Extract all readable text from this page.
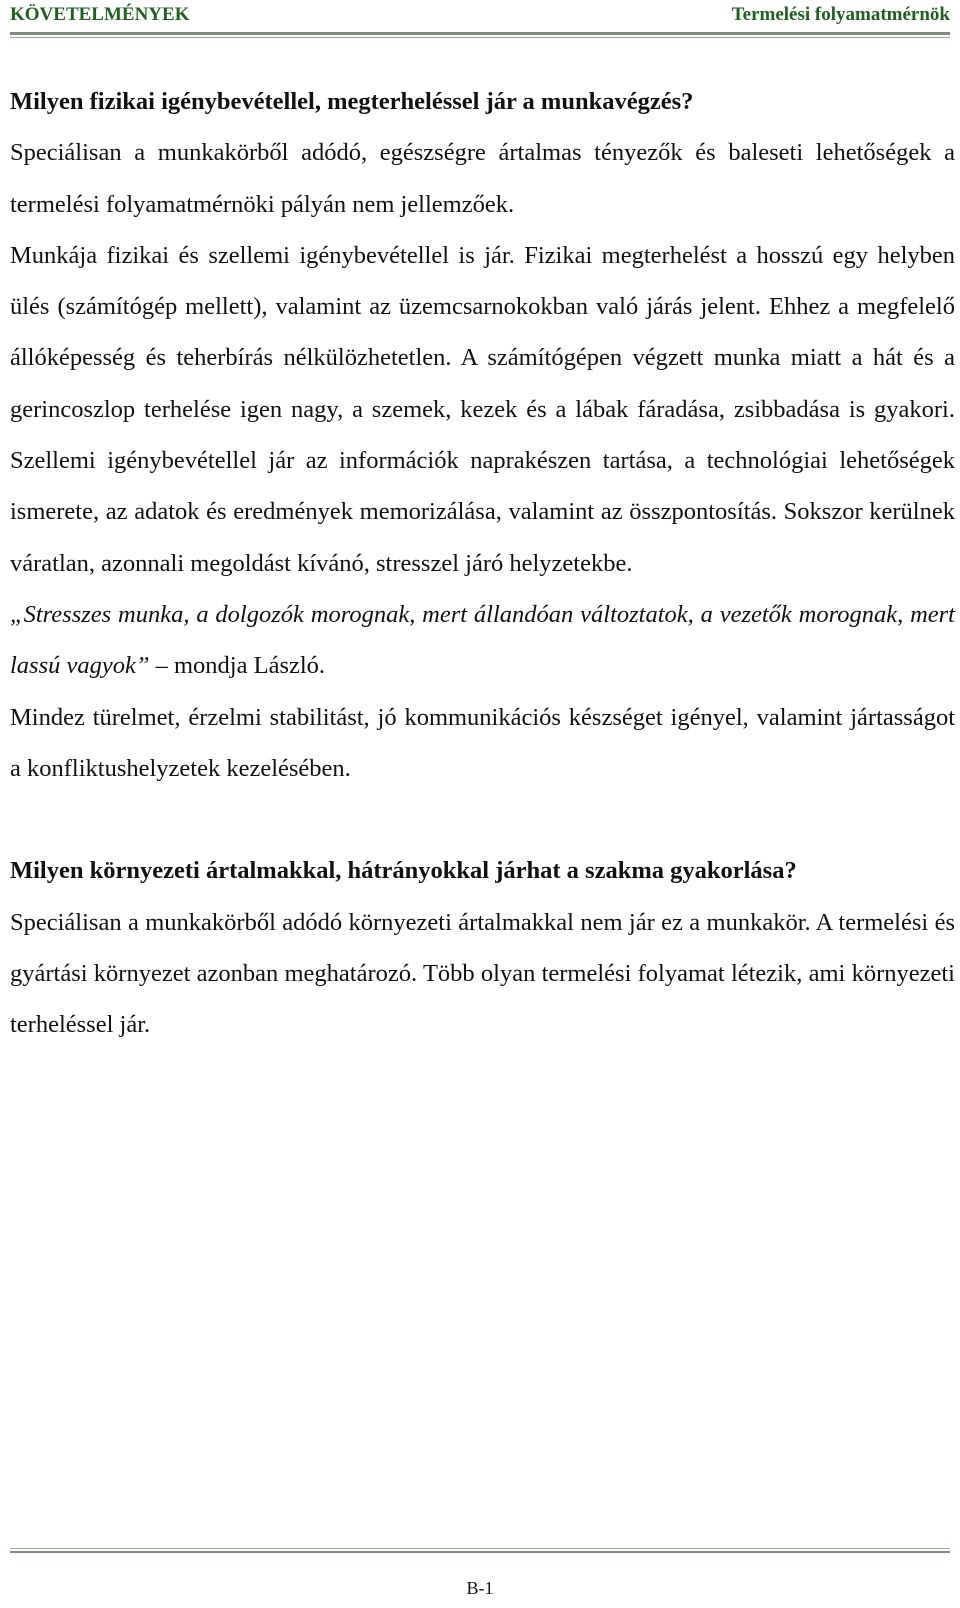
KÖVETELMÉNYEK	Termelési folyamatmérnök
Milyen fizikai igénybevétellel, megterheléssel jár a munkavégzés?

Speciálisan a munkakörből adódó, egészségre ártalmas tényezők és baleseti lehetőségek a termelési folyamatmérnöki pályán nem jellemzőek.

Munkája fizikai és szellemi igénybevétellel is jár. Fizikai megterhelést a hosszú egy helyben ülés (számítógép mellett), valamint az üzemcsarnokokban való járás jelent. Ehhez a megfelelő állóképesség és teherbírás nélkülözhetetlen. A számítógépen végzett munka miatt a hát és a gerincoszlop terhelése igen nagy, a szemek, kezek és a lábak fáradása, zsibbadása is gyakori. Szellemi igénybevétellel jár az információk naprakészen tartása, a technológiai lehetőségek ismerete, az adatok és eredmények memorizálása, valamint az összpontosítás. Sokszor kerülnek váratlan, azonnali megoldást kívánó, stresszel járó helyzetekbe.

„Stresszes munka, a dolgozók morognak, mert állandóan változtatok, a vezetők morognak, mert lassú vagyok” – mondja László.

Mindez türelmet, érzelmi stabilitást, jó kommunikációs készséget igényel, valamint jártasságot a konfliktushelyzetek kezelésében.

Milyen környezeti ártalmakkal, hátrányokkal járhat a szakma gyakorlása?

Speciálisan a munkakörből adódó környezeti ártalmakkal nem jár ez a munkakör. A termelési és gyártási környezet azonban meghatározó. Több olyan termelési folyamat létezik, ami környezeti terheléssel jár.

B-1
